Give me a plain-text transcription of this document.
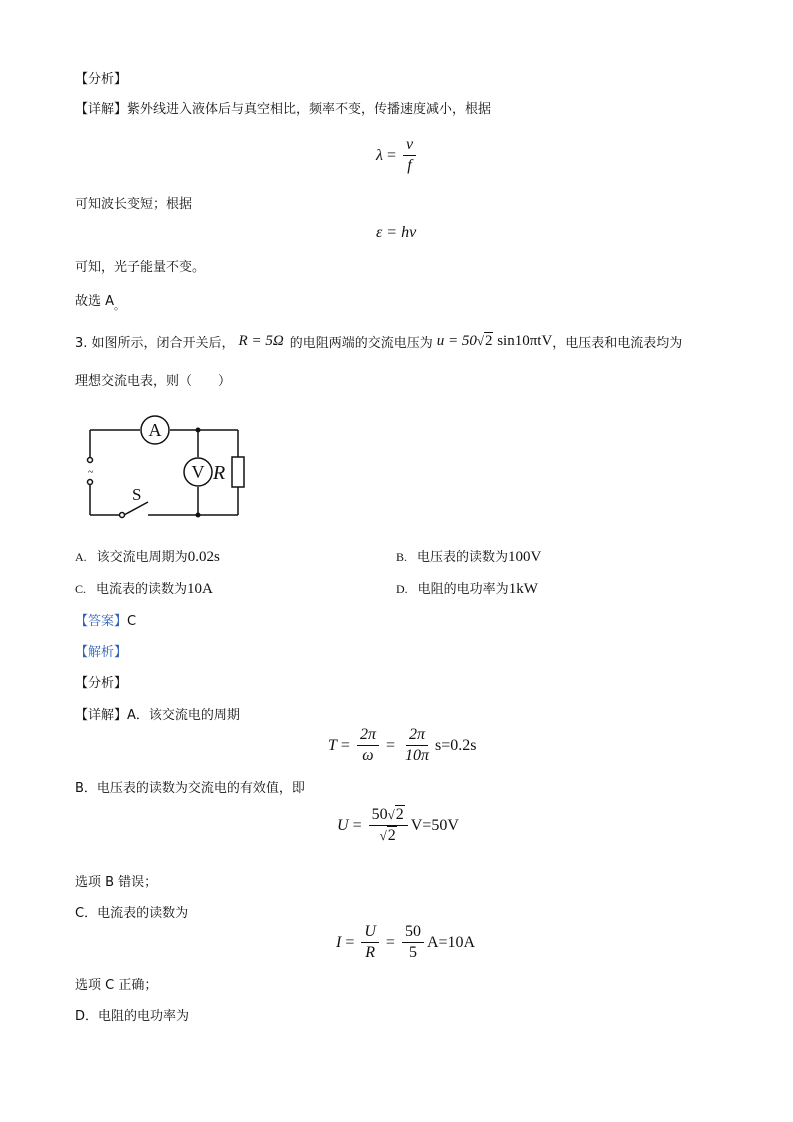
【分析】
【详解】紫外线进入液体后与真空相比，频率不变，传播速度减小，根据
$\lambda = \frac{v}{f}$
可知波长变短；根据
ε = hν
可知，光子能量不变。
故选 $A_。$
3. 如图所示，闭合开关后， R = 5Ω 的电阻两端的交流电压为 u = 50√2 sin10πtV ，电压表和电流表均为
理想交流电表，则（　　）
A
V R
S
~
A. 该交流电周期为 0.02s	B. 电压表的读数为 100V
C. 电流表的读数为 10A	D. 电阻的电功率为 1kW
【答案】C
【解析】
【分析】
【详解】A．该交流电的周期
$T = \frac{2\pi}{\omega} = \frac{2\pi}{10\pi} s=0.2s$
B．电压表的读数为交流电的有效值，即
$U = \frac{50√2}{√2} V=50V$
选项 B 错误；
C．电流表的读数为
$I = \frac{U}{R} = \frac{50}{5} A=10A$
选项 C 正确；
D．电阻的电功率为
